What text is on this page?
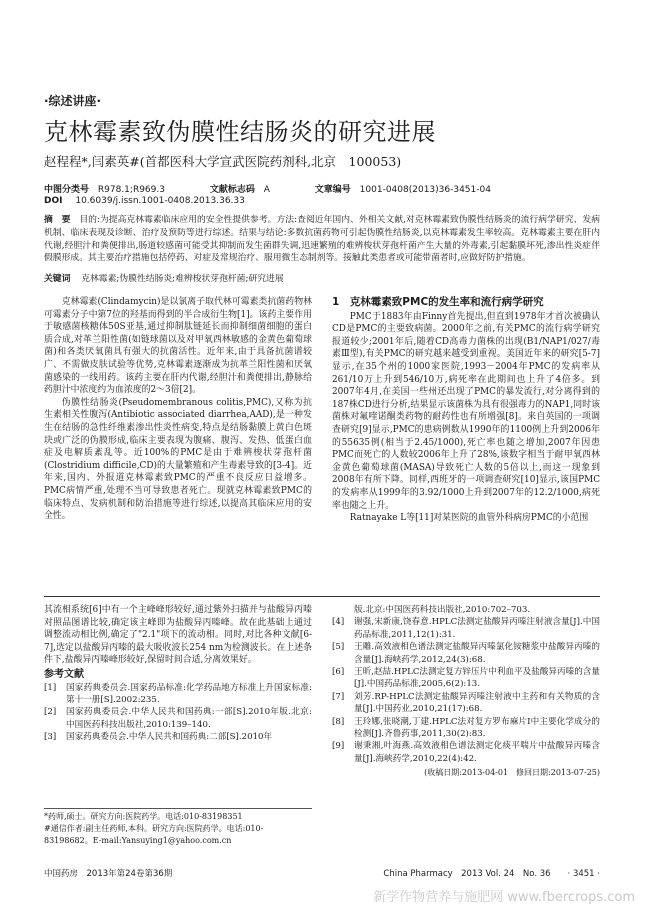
·综述讲座·
克林霉素致伪膜性结肠炎的研究进展
赵程程*,闫素英#(首都医科大学宣武医院药剂科,北京　100053)
中图分类号 R978.1;R969.3	文献标志码 A	文章编号 1001-0408(2013)36-3451-04
DOI 10.6039/j.issn.1001-0408.2013.36.33
摘　要 目的:为提高克林霉素临床应用的安全性提供参考。方法:查阅近年国内、外相关文献,对克林霉素致伪膜性结肠炎的流行病学研究、发病机制、临床表现及诊断、治疗及预防等进行综述。结果与结论:多数抗菌药物可引起伪膜性结肠炎,以克林霉素发生率较高。克林霉素主要在肝内代谢,经胆汁和粪便排出,肠道较感菌可能受其抑制而发生菌群失调,迅速繁殖的难辨梭状芽孢杆菌产生大量的外毒素,引起黏膜坏死,渗出性炎症伴假膜形成。其主要治疗措施包括停药、对症及常规治疗、服用微生态制剂等。接触此类患者或可能带菌者时,应做好防护措施。
关键词 克林霉素;伪膜性结肠炎;难辨梭状芽孢杆菌;研究进展

克林霉素(Clindamycin)是以氯离子取代林可霉素类抗菌药物林可霉素分子中第7位的羟基而得到的半合成衍生物[1]。该药主要作用于敏感菌核糖体50S亚基,通过抑制肽链延长而抑制细菌细胞的蛋白质合成,对革兰阳性菌(如链球菌以及对甲氧西林敏感的金黄色葡萄球菌)和各类厌氧菌具有强大的抗菌活性。近年来,由于具备抗菌谱较广、不需做皮肤试验等优势,克林霉素逐渐成为抗革兰阳性菌和厌氧菌感染的一线用药。该药主要在肝内代谢,经胆汁和粪便排出,静脉给药胆汁中浓度约为血浓度的2～3倍[2]。

伪膜性结肠炎(Pseudomembranous colitis,PMC),又称为抗生素相关性腹泻(Antibiotic associated diarrhea,AAD),是一种发生在结肠的急性纤维素渗出性炎性病变,特点是结肠黏膜上黄白色斑块或广泛的伪膜形成,临床主要表现为腹痛、腹泻、发热、低蛋白血症及电解质紊乱等。近100%的PMC是由于难辨梭状芽孢杆菌(Clostridium difficile,CD)的大量繁殖和产生毒素导致的[3-4]。近年来,国内、外报道克林霉素致PMC的严重不良反应日益增多。PMC病情严重,处理不当可导致患者死亡。现就克林霉素致PMC的临床特点、发病机制和防治措施等进行综述,以提高其临床应用的安全性。

1　克林霉素致PMC的发生率和流行病学研究

PMC于1883年由Finny首先提出,但直到1978年才首次被确认CD是PMC的主要致病菌。2000年之前,有关PMC的流行病学研究报道较少;2001年后,随着CD高毒力菌株的出现(B1/NAP1/027/毒素Ⅲ型),有关PMC的研究越来越受到重视。美国近年来的研究[5-7]显示,在35个州的1000家医院,1993－2004年PMC的发病率从261/10万上升到546/10万,病死率在此期间也上升了4倍多。到2007年4月,在美国一些州还出现了PMC的暴发流行,对分离得到的187株CD进行分析,结果显示该菌株为具有很强毒力的NAP1,同时该菌株对氟喹诺酮类药物的耐药性也有所增强[8]。来自英国的一项调查研究[9]显示,PMC的患病例数从1990年的1100例上升到2006年的55635例(相当于2.45/1000),死亡率也随之增加,2007年因患PMC而死亡的人数较2006年上升了28%,该数字相当于耐甲氧西林金黄色葡萄球菌(MASA)导致死亡人数的5倍以上,而这一现象到2008年有所下降。同样,西班牙的一项调查研究[10]显示,该国PMC的发病率从1999年的3.92/1000上升到2007年的12.2/1000,病死率也随之上升。

Ratnayake L等[11]对某医院的血管外科病房PMC的小范围

其流相系统[6]中有一个主峰峰形较好,通过紫外扫描并与盐酸异丙嗪对照品图谱比较,确定该主峰即为盐酸异丙嗪峰。故在此基础上通过调整流动相比例,确定了"2.1"项下的流动相。同时,对比各种文献[6-7],选定以盐酸异丙嗪的最大吸收波长254 nm为检测波长。在上述条件下,盐酸异丙嗪峰形较好,保留时间合适,分离效果好。

参考文献
[1]	国家药典委员会.国家药品标准:化学药品地方标准上升国家标准:第十一册[S].2002:235.
[2]	国家药典委员会.中华人民共和国药典:一部[S].2010年版.北京:中国医药科技出版社,2010:139–140.
[3]	国家药典委员会.中华人民共和国药典:二部[S].2010年
*药师,硕士。研究方向:医院药学。电话:010-83198351
#通信作者:副主任药师,本科。研究方向:医院药学。电话:010-83198682。E-mail:Yansuying1@yahoo.com.cn
版.北京:中国医药科技出版社,2010:702–703.
[4]	谢强,宋新康,饶春意.HPLC法测定盐酸异丙嗪注射液含量[J].中国药品标准,2011,12(1):31.
[5]	王雕.高效液相色谱法测定盐酸异丙嗪氯化铵糖浆中盐酸异丙嗪的含量[J].海峡药学,2012,24(3):68.
[6]	王昕,赵喆.HPLC法测定复方锌压片中利血平及盐酸异丙嗪的含量[J].中国药品标准,2005,6(2):13.
[7]	刘芳.RP-HPLC法测定盐酸异丙嗪注射液中主药和有关物质的含量[J].中国药业,2010,21(17):68.
[8]	王玲娜,张晓潮,丁建.HPLC法对复方罗布麻片Ⅰ中主要化学成分的检测[J].齐鲁药事,2011,30(2):83.
[9]	谢秉湘,叶海燕.高效液相色谱法测定化痰平喘片中盐酸异丙嗪含量[J].海峡药学,2010,22(4):42.
(收稿日期:2013-04-01　修回日期:2013-07-25)
中国药房　2013年第24卷第36期	China Pharmacy　2013 Vol. 24　No. 36　　· 3451 ·
新学作物营养与施肥网 www.fbercrops.com
